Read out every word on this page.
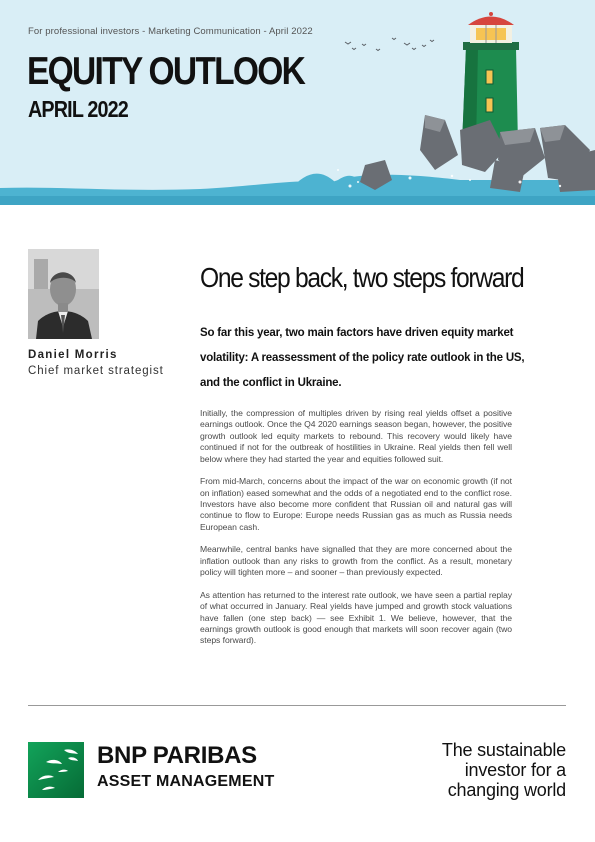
For professional investors - Marketing Communication - April 2022
EQUITY OUTLOOK
APRIL 2022
Daniel Morris
Chief market strategist
One step back, two steps forward
So far this year, two main factors have driven equity market volatility: A reassessment of the policy rate outlook in the US, and the conflict in Ukraine.

Initially, the compression of multiples driven by rising real yields offset a positive earnings outlook. Once the Q4 2020 earnings season began, however, the positive growth outlook led equity markets to rebound. This recovery would likely have continued if not for the outbreak of hostilities in Ukraine. Real yields then fell well below where they had started the year and equities followed suit.

From mid-March, concerns about the impact of the war on economic growth (if not on inflation) eased somewhat and the odds of a negotiated end to the conflict rose. Investors have also become more confident that Russian oil and natural gas will continue to flow to Europe: Europe needs Russian gas as much as Russia needs European cash.

Meanwhile, central banks have signalled that they are more concerned about the inflation outlook than any risks to growth from the conflict. As a result, monetary policy will tighten more – and sooner – than previously expected.

As attention has returned to the interest rate outlook, we have seen a partial replay of what occurred in January. Real yields have jumped and growth stock valuations have fallen (one step back) — see Exhibit 1. We believe, however, that the earnings growth outlook is good enough that markets will soon recover again (two steps forward).

BNP PARIBAS
ASSET MANAGEMENT
The sustainable
investor for a
changing world
